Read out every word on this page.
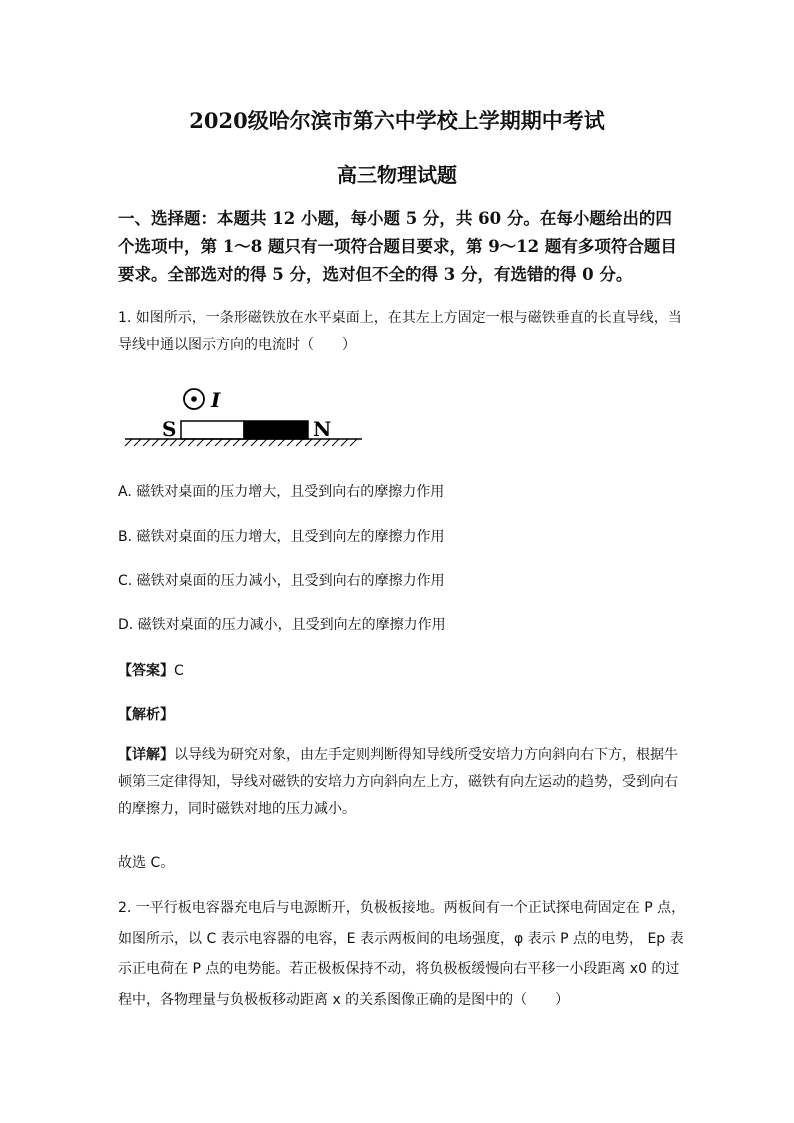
2020级哈尔滨市第六中学校上学期期中考试
高三物理试题
一、选择题：本题共 12 小题，每小题 5 分，共 60 分。在每小题给出的四个选项中，第 1～8 题只有一项符合题目要求，第 9～12 题有多项符合题目要求。全部选对的得 5 分，选对但不全的得 3 分，有选错的得 0 分。
1. 如图所示，一条形磁铁放在水平桌面上，在其左上方固定一根与磁铁垂直的长直导线，当导线中通以图示方向的电流时（　　）
I
S	N
A. 磁铁对桌面的压力增大，且受到向右的摩擦力作用
B. 磁铁对桌面的压力增大，且受到向左的摩擦力作用
C. 磁铁对桌面的压力减小，且受到向右的摩擦力作用
D. 磁铁对桌面的压力减小，且受到向左的摩擦力作用
【答案】C
【解析】
【详解】以导线为研究对象，由左手定则判断得知导线所受安培力方向斜向右下方，根据牛顿第三定律得知，导线对磁铁的安培力方向斜向左上方，磁铁有向左运动的趋势，受到向右的摩擦力，同时磁铁对地的压力减小。
故选 C。
2. 一平行板电容器充电后与电源断开，负极板接地。两板间有一个正试探电荷固定在 P 点，如图所示，以 C 表示电容器的电容，E 表示两板间的电场强度，φ 表示 P 点的电势， Ep 表示正电荷在 P 点的电势能。若正极板保持不动，将负极板缓慢向右平移一小段距离 x0 的过程中，各物理量与负极板移动距离 x 的关系图像正确的是图中的（　　）
